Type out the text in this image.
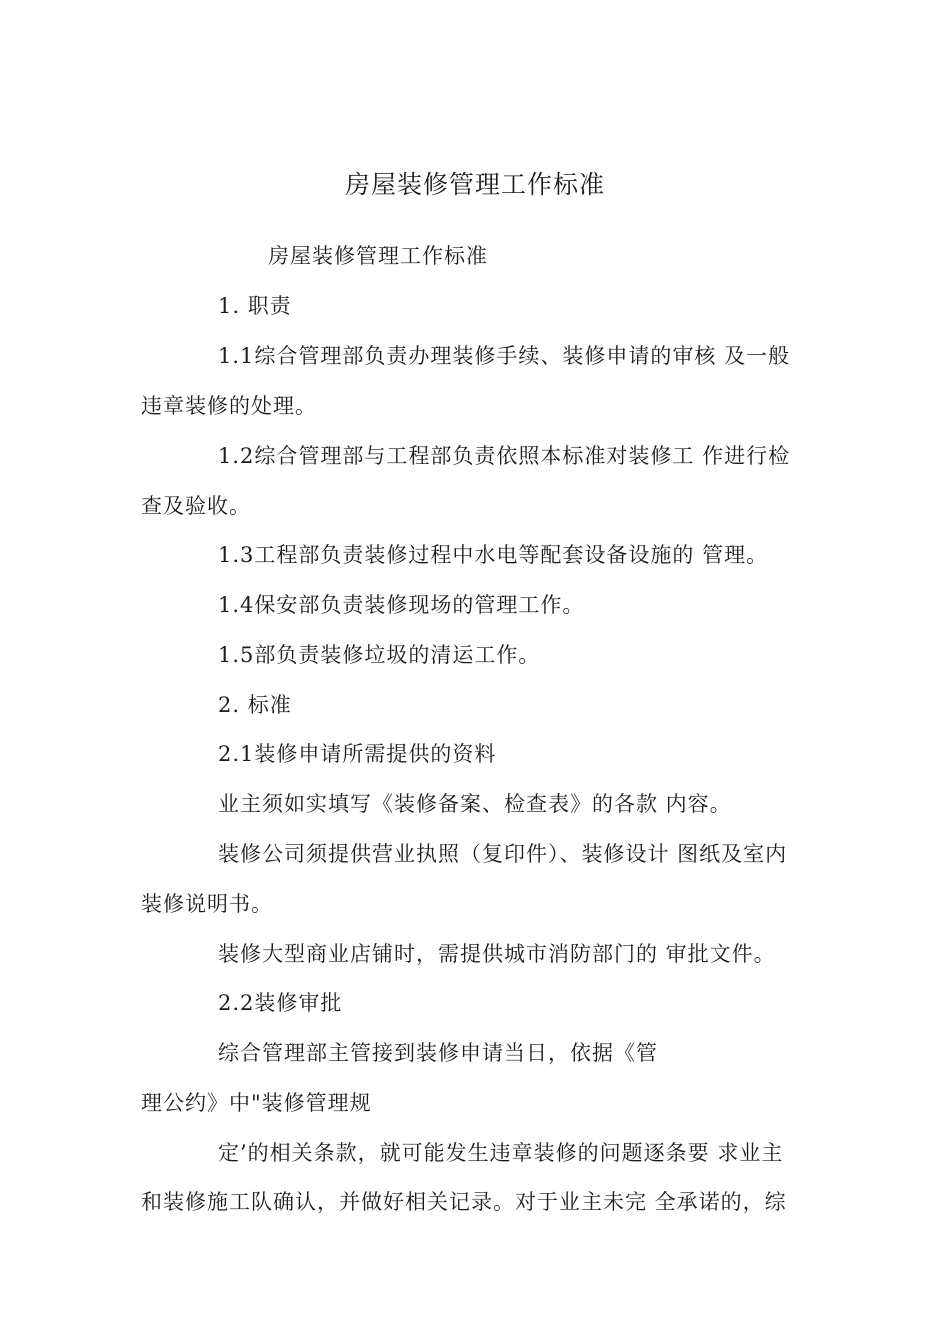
房屋装修管理工作标准
房屋装修管理工作标准
1. 职责
1.1综合管理部负责办理装修手续、装修申请的审核 及一般
违章装修的处理。
1.2综合管理部与工程部负责依照本标准对装修工 作进行检
查及验收。
1.3工程部负责装修过程中水电等配套设备设施的 管理。
1.4保安部负责装修现场的管理工作。
1.5部负责装修垃圾的清运工作。
2. 标准
2.1装修申请所需提供的资料
业主须如实填写《装修备案、检查表》的各款 内容。
装修公司须提供营业执照（复印件）、装修设计 图纸及室内
装修说明书。
装修大型商业店铺时，需提供城市消防部门的 审批文件。
2.2装修审批
综合管理部主管接到装修申请当日，依据《管
理公约》中"装修管理规
定’的相关条款，就可能发生违章装修的问题逐条要 求业主
和装修施工队确认，并做好相关记录。对于业主未完 全承诺的，综
